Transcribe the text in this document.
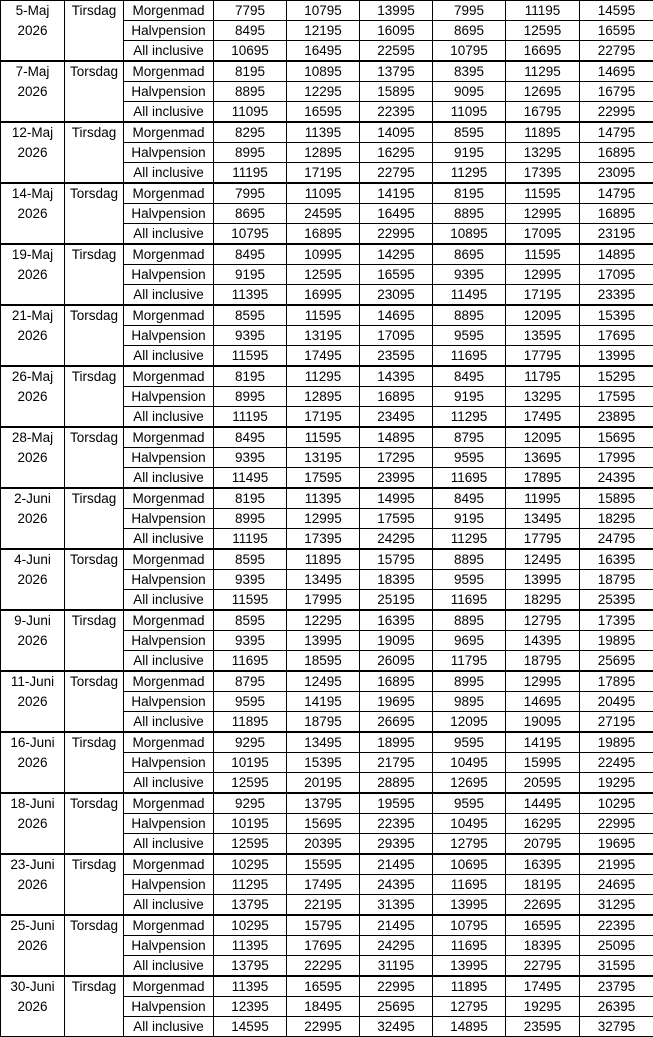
5-Maj
2026	Tirsdag	Morgenmad	7795	10795	13995	7995	11195	14595
		Halvpension	8495	12195	16095	8695	12595	16595
		All inclusive	10695	16495	22595	10795	16695	22795

7-Maj
2026	Torsdag	Morgenmad	8195	10895	13795	8395	11295	14695
		Halvpension	8895	12295	15895	9095	12695	16795
		All inclusive	11095	16595	22395	11095	16795	22995

12-Maj
2026	Tirsdag	Morgenmad	8295	11395	14095	8595	11895	14795
		Halvpension	8995	12895	16295	9195	13295	16895
		All inclusive	11195	17195	22795	11295	17395	23095

14-Maj
2026	Torsdag	Morgenmad	7995	11095	14195	8195	11595	14795
		Halvpension	8695	24595	16495	8895	12995	16895
		All inclusive	10795	16895	22995	10895	17095	23195

19-Maj
2026	Tirsdag	Morgenmad	8495	10995	14295	8695	11595	14895
		Halvpension	9195	12595	16595	9395	12995	17095
		All inclusive	11395	16995	23095	11495	17195	23395

21-Maj
2026	Torsdag	Morgenmad	8595	11595	14695	8895	12095	15395
		Halvpension	9395	13195	17095	9595	13595	17695
		All inclusive	11595	17495	23595	11695	17795	13995

26-Maj
2026	Tirsdag	Morgenmad	8195	11295	14395	8495	11795	15295
		Halvpension	8995	12895	16895	9195	13295	17595
		All inclusive	11195	17195	23495	11295	17495	23895

28-Maj
2026	Torsdag	Morgenmad	8495	11595	14895	8795	12095	15695
		Halvpension	9395	13195	17295	9595	13695	17995
		All inclusive	11495	17595	23995	11695	17895	24395

2-Juni
2026	Tirsdag	Morgenmad	8195	11395	14995	8495	11995	15895
		Halvpension	8995	12995	17595	9195	13495	18295
		All inclusive	11195	17395	24295	11295	17795	24795

4-Juni
2026	Torsdag	Morgenmad	8595	11895	15795	8895	12495	16395
		Halvpension	9395	13495	18395	9595	13995	18795
		All inclusive	11595	17995	25195	11695	18295	25395

9-Juni
2026	Tirsdag	Morgenmad	8595	12295	16395	8895	12795	17395
		Halvpension	9395	13995	19095	9695	14395	19895
		All inclusive	11695	18595	26095	11795	18795	25695

11-Juni
2026	Torsdag	Morgenmad	8795	12495	16895	8995	12995	17895
		Halvpension	9595	14195	19695	9895	14695	20495
		All inclusive	11895	18795	26695	12095	19095	27195

16-Juni
2026	Tirsdag	Morgenmad	9295	13495	18995	9595	14195	19895
		Halvpension	10195	15395	21795	10495	15995	22495
		All inclusive	12595	20195	28895	12695	20595	19295

18-Juni
2026	Torsdag	Morgenmad	9295	13795	19595	9595	14495	10295
		Halvpension	10195	15695	22395	10495	16295	22995
		All inclusive	12595	20395	29395	12795	20795	19695

23-Juni
2026	Tirsdag	Morgenmad	10295	15595	21495	10695	16395	21995
		Halvpension	11295	17495	24395	11695	18195	24695
		All inclusive	13795	22195	31395	13995	22695	31295

25-Juni
2026	Torsdag	Morgenmad	10295	15795	21495	10795	16595	22395
		Halvpension	11395	17695	24295	11695	18395	25095
		All inclusive	13795	22295	31195	13995	22795	31595

30-Juni
2026	Tirsdag	Morgenmad	11395	16595	22995	11895	17495	23795
		Halvpension	12395	18495	25695	12795	19295	26395
		All inclusive	14595	22995	32495	14895	23595	32795
